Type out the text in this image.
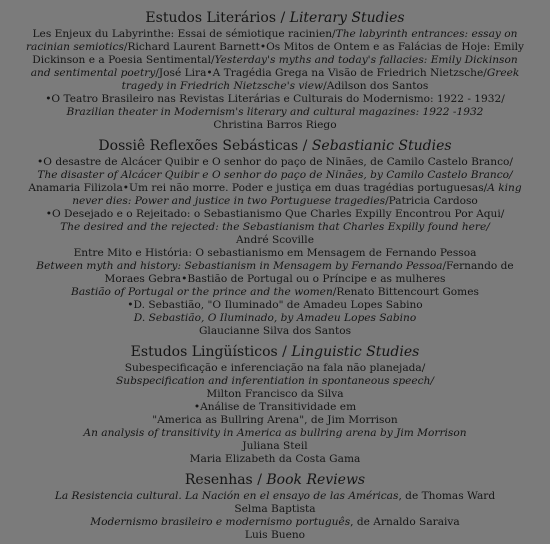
Estudos Literários / Literary Studies
Les Enjeux du Labyrinthe: Essai de sémiotique racinien/The labyrinth entrances: essay on
racinian semiotics/Richard Laurent Barnett•Os Mitos de Ontem e as Falácias de Hoje: Emily
Dickinson e a Poesia Sentimental/Yesterday's myths and today's fallacies: Emily Dickinson
and sentimental poetry/José Lira•A Tragédia Grega na Visão de Friedrich Nietzsche/Greek
tragedy in Friedrich Nietzsche's view/Adilson dos Santos
•O Teatro Brasileiro nas Revistas Literárias e Culturais do Modernismo: 1922 - 1932/
Brazilian theater in Modernism's literary and cultural magazines: 1922 -1932
Christina Barros Riego
Dossiê Reflexões Sebásticas / Sebastianic Studies
•O desastre de Alcácer Quibir e O senhor do paço de Ninães, de Camilo Castelo Branco/
The disaster of Alcácer Quibir e O senhor do paço de Ninães, by Camilo Castelo Branco/
Anamaria Filizola•Um rei não morre. Poder e justiça em duas tragédias portuguesas/A king
never dies: Power and justice in two Portuguese tragedies/Patricia Cardoso
•O Desejado e o Rejeitado: o Sebastianismo Que Charles Expilly Encontrou Por Aqui/
The desired and the rejected: the Sebastianism that Charles Expilly found here/
André Scoville
Entre Mito e História: O sebastianismo em Mensagem de Fernando Pessoa
Between myth and history: Sebastianism in Mensagem by Fernando Pessoa/Fernando de
Moraes Gebra•Bastião de Portugal ou o Príncipe e as mulheres
Bastião of Portugal or the prince and the women/Renato Bittencourt Gomes
•D. Sebastião, "O Iluminado" de Amadeu Lopes Sabino
D. Sebastião, O Iluminado, by Amadeu Lopes Sabino
Glaucianne Silva dos Santos
Estudos Lingüísticos / Linguistic Studies
Subespecificação e inferenciação na fala não planejada/
Subspecification and inferentiation in spontaneous speech/
Milton Francisco da Silva
•Análise de Transitividade em
"America as Bullring Arena", de Jim Morrison
An analysis of transitivity in America as bullring arena by Jim Morrison
Juliana Steil
Maria Elizabeth da Costa Gama
Resenhas / Book Reviews
La Resistencia cultural. La Nación en el ensayo de las Américas, de Thomas Ward
Selma Baptista
Modernismo brasileiro e modernismo português, de Arnaldo Saraiva
Luis Bueno
